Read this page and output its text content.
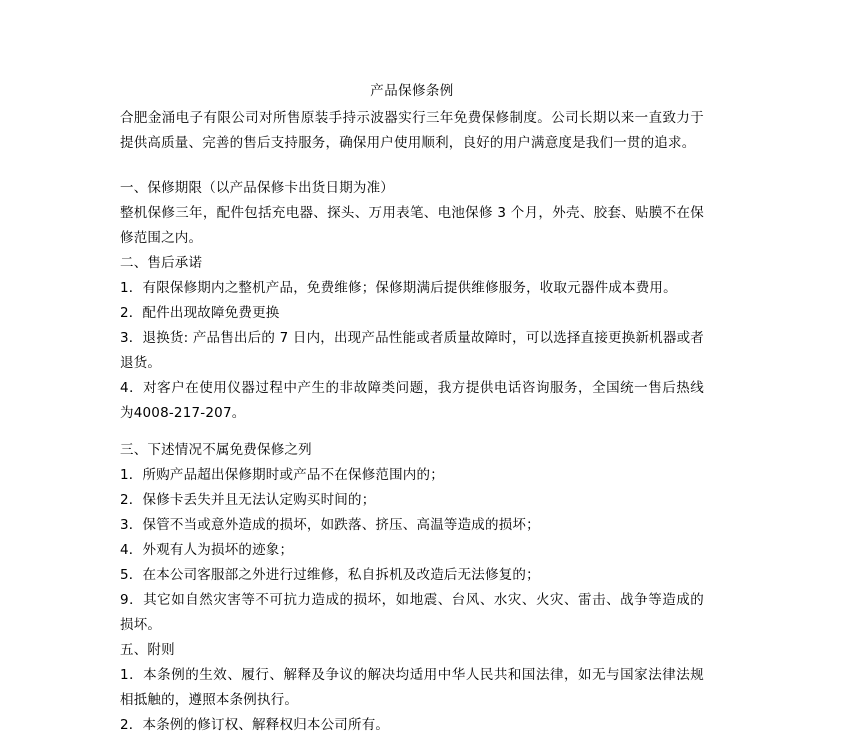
产品保修条例

合肥金涌电子有限公司对所售原装手持示波器实行三年免费保修制度。公司长期以来一直致力于提供高质量、完善的售后支持服务，确保用户使用顺利，良好的用户满意度是我们一贯的追求。

一、保修期限（以产品保修卡出货日期为准）

整机保修三年，配件包括充电器、探头、万用表笔、电池保修 3 个月，外壳、胶套、贴膜不在保修范围之内。

二、售后承诺

1．有限保修期内之整机产品，免费维修；保修期满后提供维修服务，收取元器件成本费用。
2．配件出现故障免费更换
3．退换货: 产品售出后的 7 日内，出现产品性能或者质量故障时，可以选择直接更换新机器或者退货。
4．对客户在使用仪器过程中产生的非故障类问题，我方提供电话咨询服务，全国统一售后热线为4008-217-207。

三、下述情况不属免费保修之列

1．所购产品超出保修期时或产品不在保修范围内的；
2．保修卡丢失并且无法认定购买时间的；
3．保管不当或意外造成的损坏，如跌落、挤压、高温等造成的损坏；
4．外观有人为损坏的迹象；
5．在本公司客服部之外进行过维修，私自拆机及改造后无法修复的；
9．其它如自然灾害等不可抗力造成的损坏，如地震、台风、水灾、火灾、雷击、战争等造成的损坏。

五、附则

1．本条例的生效、履行、解释及争议的解决均适用中华人民共和国法律，如无与国家法律法规相抵触的，遵照本条例执行。
2．本条例的修订权、解释权归本公司所有。
